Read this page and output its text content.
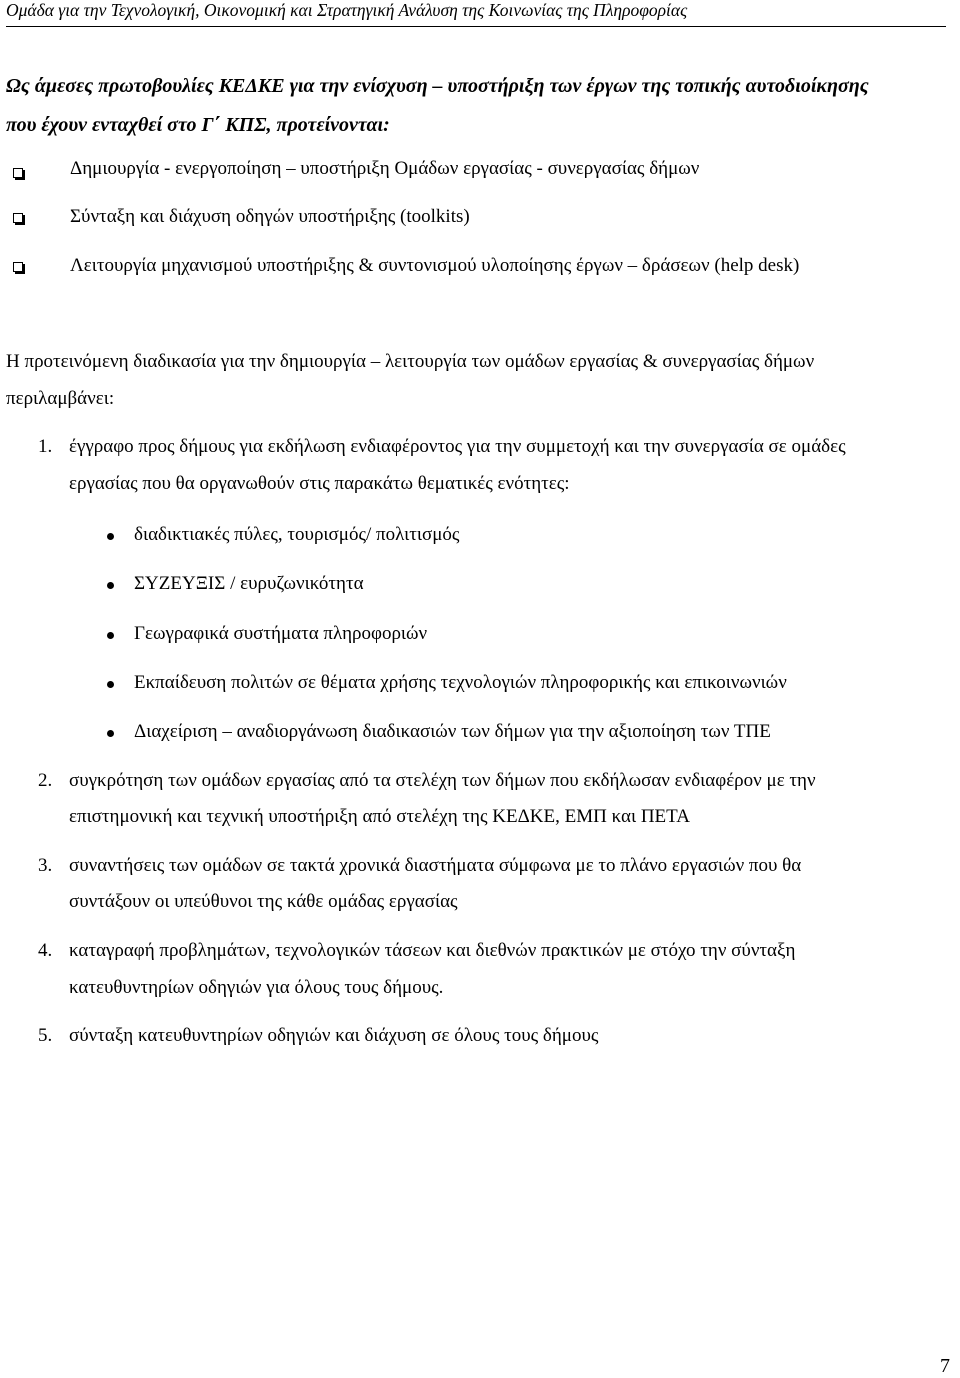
Ομάδα για την Τεχνολογική, Οικονομική και Στρατηγική Ανάλυση της Κοινωνίας της Πληροφορίας
Ως άμεσες πρωτοβουλίες ΚΕΔΚΕ για την ενίσχυση – υποστήριξη των έργων της τοπικής αυτοδιοίκησης
που έχουν ενταχθεί στο Γ΄ ΚΠΣ, προτείνονται:
Δημιουργία - ενεργοποίηση – υποστήριξη Ομάδων εργασίας - συνεργασίας δήμων
Σύνταξη και διάχυση οδηγών υποστήριξης (toolkits)
Λειτουργία μηχανισμού υποστήριξης & συντονισμού υλοποίησης έργων – δράσεων (help desk)
Η προτεινόμενη διαδικασία για την δημιουργία – λειτουργία των ομάδων εργασίας & συνεργασίας δήμων
περιλαμβάνει:
1. έγγραφο προς δήμους για εκδήλωση ενδιαφέροντος για την συμμετοχή και την συνεργασία σε ομάδες
εργασίας που θα οργανωθούν στις παρακάτω θεματικές ενότητες:
διαδικτιακές πύλες, τουρισμός/ πολιτισμός
ΣΥΖΕΥΞΙΣ / ευρυζωνικότητα
Γεωγραφικά συστήματα πληροφοριών
Εκπαίδευση πολιτών σε θέματα χρήσης τεχνολογιών πληροφορικής και επικοινωνιών
Διαχείριση – αναδιοργάνωση διαδικασιών των δήμων για την αξιοποίηση των ΤΠΕ
2. συγκρότηση των ομάδων εργασίας από τα στελέχη των δήμων που εκδήλωσαν ενδιαφέρον με την
επιστημονική και τεχνική υποστήριξη από στελέχη της ΚΕΔΚΕ, ΕΜΠ και ΠΕΤΑ
3. συναντήσεις των ομάδων σε τακτά χρονικά διαστήματα σύμφωνα με το πλάνο εργασιών που θα
συντάξουν οι υπεύθυνοι της κάθε ομάδας εργασίας
4. καταγραφή προβλημάτων, τεχνολογικών τάσεων και διεθνών πρακτικών με στόχο την σύνταξη
κατευθυντηρίων οδηγιών για όλους τους δήμους.
5. σύνταξη κατευθυντηρίων οδηγιών και διάχυση σε όλους τους δήμους
7
